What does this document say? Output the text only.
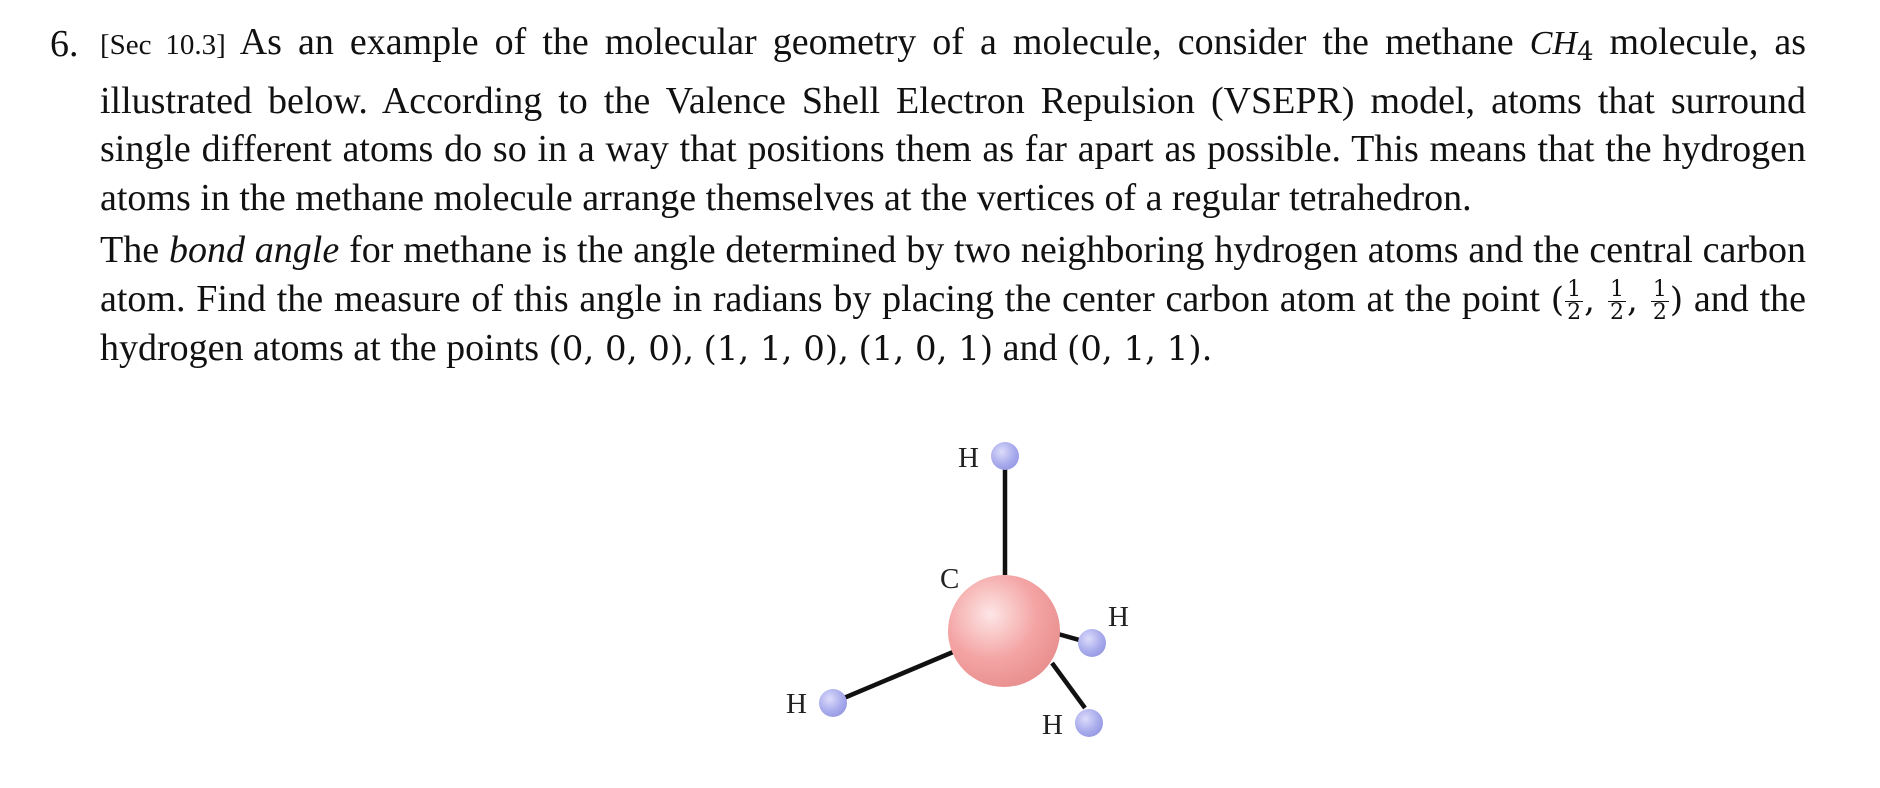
6. [Sec 10.3] As an example of the molecular geometry of a molecule, consider the methane $CH_4$ molecule, as illustrated below. According to the Valence Shell Electron Repulsion (VSEPR) model, atoms that surround single different atoms do so in a way that positions them as far apart as possible. This means that the hydrogen atoms in the methane molecule arrange themselves at the vertices of a regular tetrahedron.
The bond angle for methane is the angle determined by two neighboring hydrogen atoms and the central carbon atom. Find the measure of this angle in radians by placing the center carbon atom at the point ( $\frac{1}{2}$ , $\frac{1}{2}$ , $\frac{1}{2}$ ) and the hydrogen atoms at the points (0, 0, 0), (1, 1, 0), (1, 0, 1) and (0, 1, 1).
H
C
H
H
H
